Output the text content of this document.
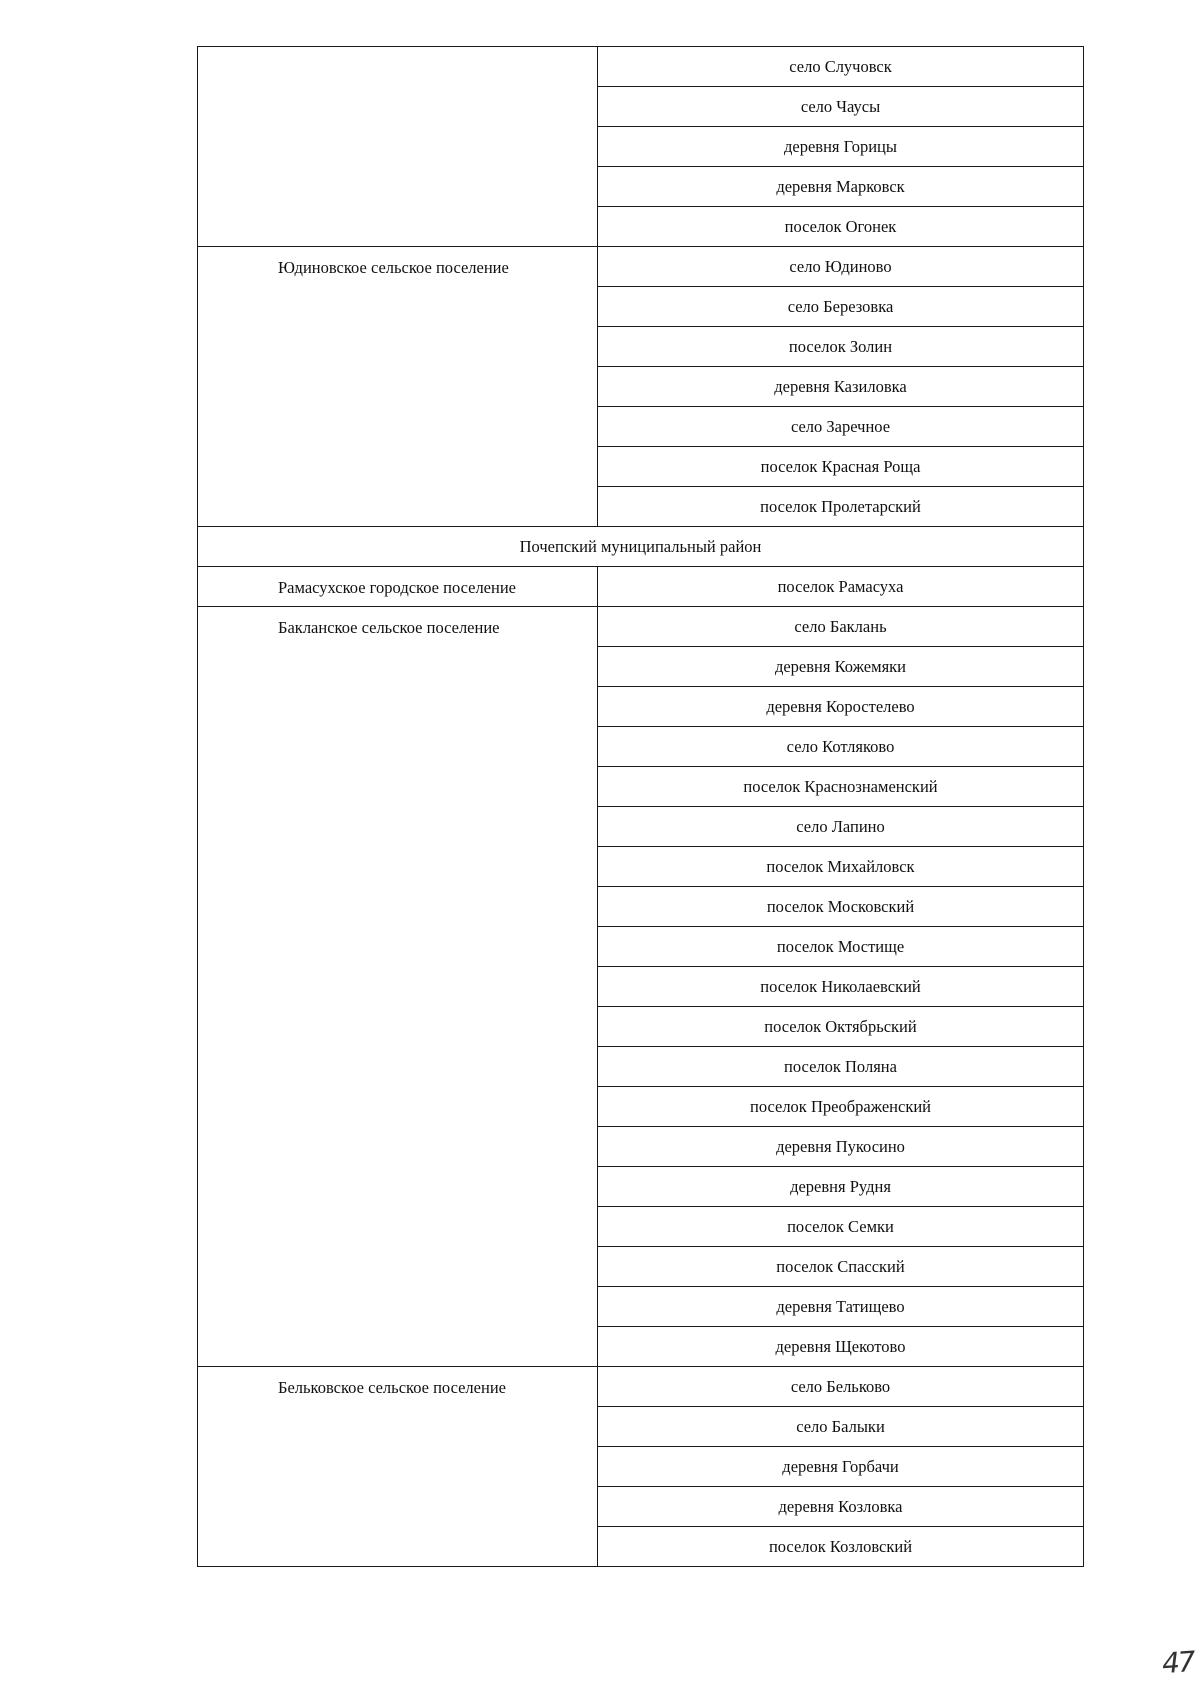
	село Случовск
	село Чаусы
	деревня Горицы
	деревня Марковск
	поселок Огонек
Юдиновское сельское поселение	село Юдиново
	село Березовка
	поселок Золин
	деревня Казиловка
	село Заречное
	поселок Красная Роща
	поселок Пролетарский
Почепский муниципальный район	
Рамасухское городское поселение	поселок Рамасуха
Бакланское сельское поселение	село Баклань
	деревня Кожемяки
	деревня Коростелево
	село Котляково
	поселок Краснознаменский
	село Лапино
	поселок Михайловск
	поселок Московский
	поселок Мостище
	поселок Николаевский
	поселок Октябрьский
	поселок Поляна
	поселок Преображенский
	деревня Пукосино
	деревня Рудня
	поселок Семки
	поселок Спасский
	деревня Татищево
	деревня Щекотово
Бельковское сельское поселение	село Бельково
	село Балыки
	деревня Горбачи
	деревня Козловка
	поселок Козловский
47
